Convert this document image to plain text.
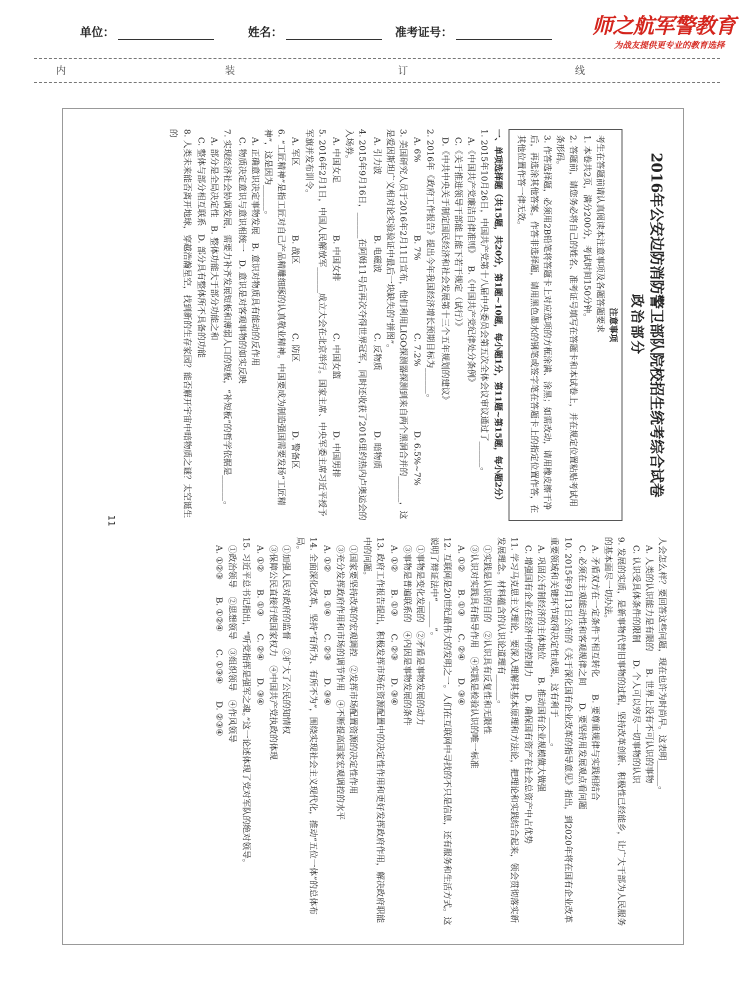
单位：	姓名：	准考证号：	师之航军警教育
为战友提供更专业的教育选择
内	装	订	线
2016年公安边防消防警卫部队院校招生统考综合试卷
政治部分
注意事项
考生在答题前请认真阅读本注意事项及各题答题要求
1. 本卷共2页，满分200分，考试时间150分钟。
2. 答题前，请您务必将自己的姓名、准考证号填写在答题卡和本试卷上，并在规定位置粘贴考试用条形码。
3. 作答选择题，必须用2B铅笔将答题卡上对应选项的方框涂满、涂黑；如需改动，请用橡皮擦干净后，再选涂其他答案。作答非选择题，请用黑色墨水的钢笔或签字笔在答题卡上的指定位置作答，在其他位置作答一律无效。
一、单项选择题（共15题，共20分，第1题~10题，每小题1分，第11题~第15题，每小题2分）
1. 2015年10月26日，中国共产党第十八届中央委员会第五次全体会议审议通过了______。
A.《中国共产党廉洁自律准则》B.《中国共产党纪律处分条例》
C.《关于推进领导干部能上能下若干规定（试行）》
D.《中共中央关于制定国民经济和社会发展第十三个五年规划的建议》
2. 2016年《政府工作报告》提出今年我国经济增长预期目标为______。
A. 6%
B. 7%
C. 7.2%
D. 6.5%~7%
3. 美国研究人员于2016年2月11日宣布，他们利用LIGO探测器探测到来自两个黑洞合并的______，这是爱因斯坦广义相对论实验验证中最后一块缺失的“拼图”。
A. 引力波
B. 电磁波
C. 反物质
D. 暗物质
4. 2015年9月16日，______在阿姆11号后再次夺得世界冠军，同时还收获了2016里约热内卢奥运会的入场券。
A. 中国女足
B. 中国女排
C. 中国女篮
D. 中国男排
5. 2016年2月1日，中国人民解放军______成立大会在北京举行。国家主席、中央军委主席习近平授予军旗并发布训令。
A. 军区
B. 战区
C. 防区
D. 警备区
6. “工匠精神”是指工匠对自己产品精雕细琢的认真敬业精神。中国要成为制造强国需要发扬“工匠精神”，这是因为______。
A. 正确意识决定事物发展B. 意识对物质具有能动的反作用
C. 物质决定意识与意识相统一D. 意识是对客观事物的如实反映
7. 实现经济社会协调发展，需要力补齐发展短板和薄弱人口的短板，“补短板”的哲学依据是______。
A. 部分是全局决定性B. 整体功能大于部分功能之和
C. 整体与部分相互联系D. 部分具有整体所不具备的功能
8. 人类未来能否离开地球，穿越浩瀚星空，找到新的生存家园？能否解开宇宙中暗物质之谜？太空诞生的
11
人会怎么样？要回答这些问题，现在也许为时尚早。这表明______。
A. 人类的认识能力是有限的　　B. 世界上没有不可认识的事物
C. 认识受具体条件的限制　　D. 个人可以穷尽一切事物的认识
9. 发展的实质，是新事物代替旧事物的过程，坚持改革创新、积极性已经能乡，让广大干部为人民服务的基本面尽一切办法。
A. 矛盾双方在一定条件下相互转化　　B. 要尊重规律与实践相结合
C. 必须在主观能动性和客观规律之间　　D. 要坚持用发展观点看问题
10. 2015年9月13日公布的《关于深化国有企业改革的指导意见》指出，到2020年将在国有企业改革重要领域和关键环节取得决定性成果，这有利于______。
A. 巩固公有制经济的主体地位　　B. 推动国有企业规模做大做强
C. 增强国有企业在经济中的控制力　　D. 确保国有资产在社会总资产中占优势
11. 学习马克思主义理论，要深入理解其基本原理和方法论，把理论和实践结合起来，领会贯彻落实新发展理念。材料蕴含的认识论道理有______。
①实践是认识的目的　②认识具有反复性和无限性
③认识对实践具有指导作用　④实践是检验认识的唯一标准
A. ①②　　B. ①③　　C. ②④　　D. ③④
12. 互联网是20世纪最伟大的发明之一。人们在互联网中寻找的不只是信息，还有服务和生活方式。这说明了辩证法中“______”。
①事物是变化发展的　②矛盾是事物发展的动力
③事物是普遍联系的　④内因是事物发展的条件
A. ①②　　B. ①③　　C. ②③　　D. ③④
13. 政府工作报告提出，积极发挥市场在资源配置中的决定性作用和更好发挥政府作用，解决政府职能中的问题。
①国家要坚持改革的宏观调控　②发挥市场配置资源的决定性作用
③充分发挥政府作用和市场的调节作用　④不断提高国家宏观调控的水平
A. ①②　　B. ①④　　C. ②③　　D. ③④
14. 全面深化改革，坚持“有所为、有所不为”，围绕实现社会主义现代化，推动“五位一体”的总体布局。
①加强人民对政府的监督　②扩大了公民的知情权
③保障公民直接行使国家权力　④中国共产党执政的体现
A. ①②　　B. ①③　　C. ②④　　D. ③④
15. 习近平总书记指出，“听党指挥是强军之魂。”这一论述体现了党对军队的绝对领导。
①政治领导　②思想领导　③组织领导　④作风领导
A. ①②③　　B. ①②④　　C. ①③④　　D. ②③④
